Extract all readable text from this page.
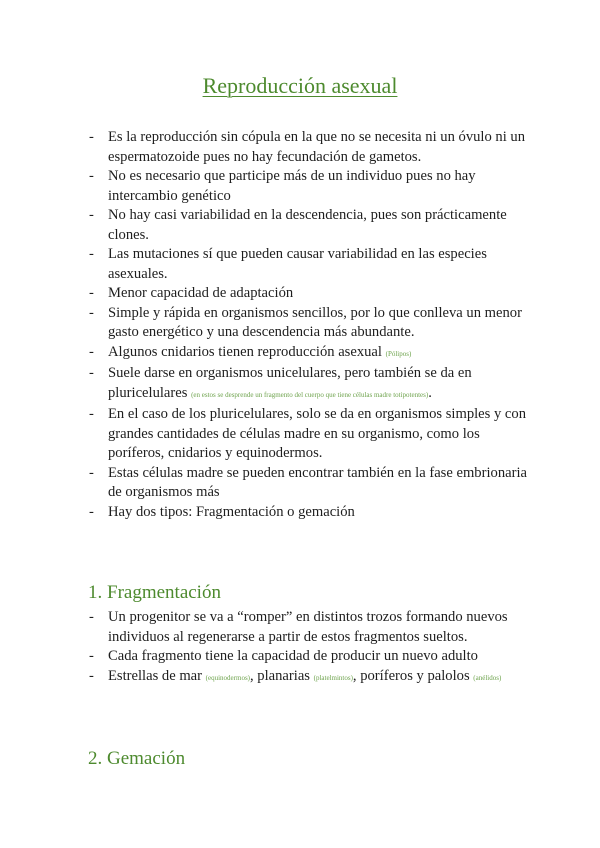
Reproducción asexual
- Es la reproducción sin cópula en la que no se necesita ni un óvulo ni un espermatozoide pues no hay fecundación de gametos.
- No es necesario que participe más de un individuo pues no hay intercambio genético
- No hay casi variabilidad en la descendencia, pues son prácticamente clones.
- Las mutaciones sí que pueden causar variabilidad en las especies asexuales.
- Menor capacidad de adaptación
- Simple y rápida en organismos sencillos, por lo que conlleva un menor gasto energético y una descendencia más abundante.
- Algunos cnidarios tienen reproducción asexual (Pólipos)
- Suele darse en organismos unicelulares, pero también se da en pluricelulares (en estos se desprende un fragmento del cuerpo que tiene células madre totipotentes).
- En el caso de los pluricelulares, solo se da en organismos simples y con grandes cantidades de células madre en su organismo, como los poríferos, cnidarios y equinodermos.
- Estas células madre se pueden encontrar también en la fase embrionaria de organismos más
- Hay dos tipos: Fragmentación o gemación
1. Fragmentación
- Un progenitor se va a “romper” en distintos trozos formando nuevos individuos al regenerarse a partir de estos fragmentos sueltos.
- Cada fragmento tiene la capacidad de producir un nuevo adulto
- Estrellas de mar (equinodermos), planarias (platelmintos), poríferos y palolos (anélidos)
2. Gemación
